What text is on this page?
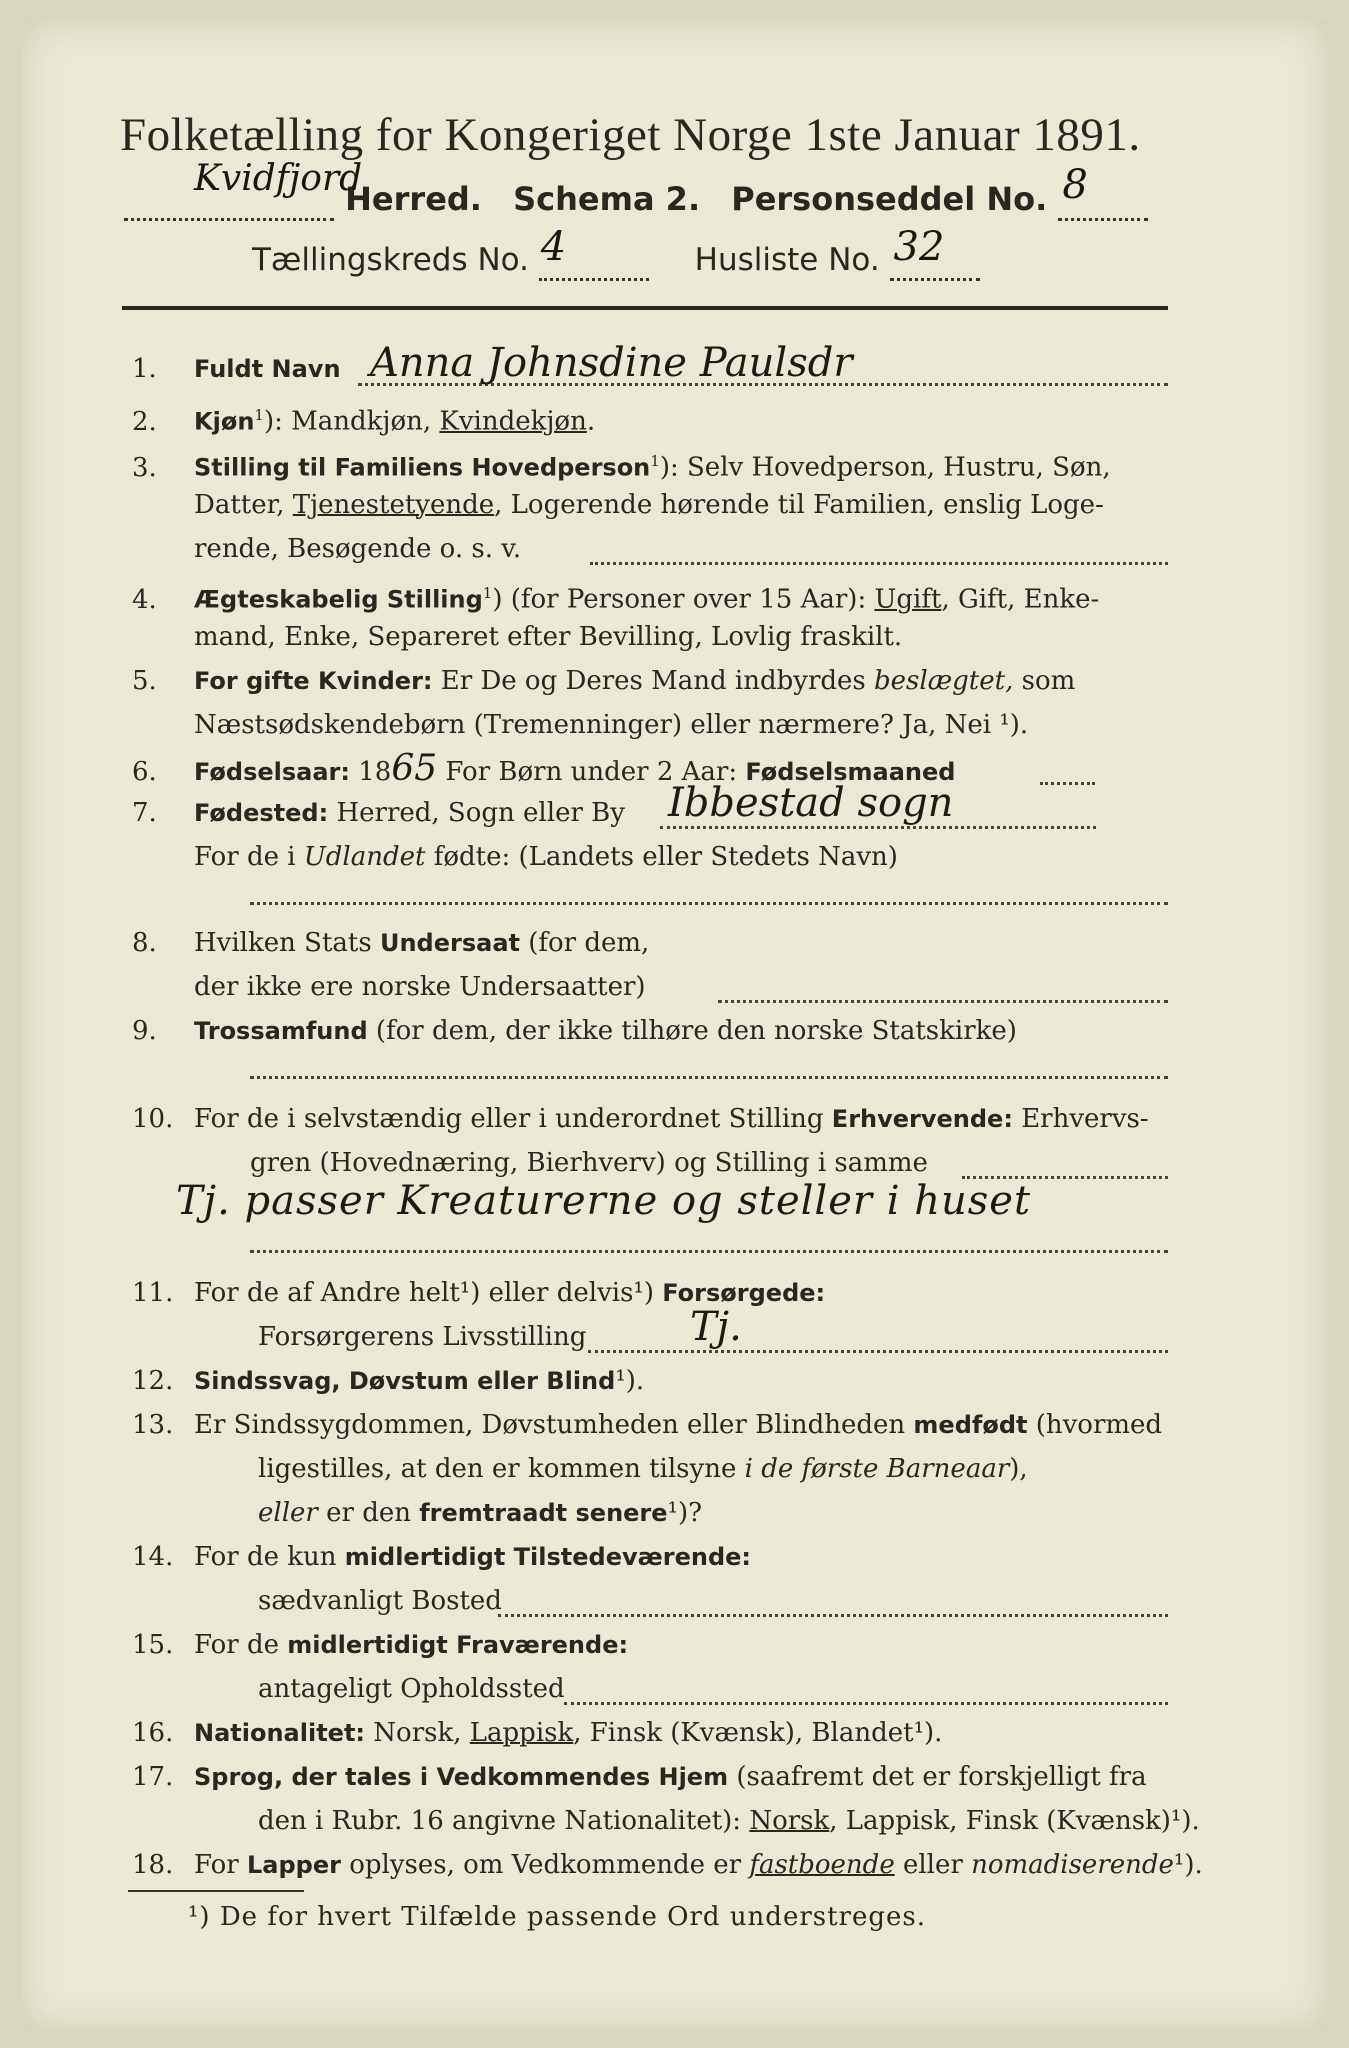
Folketælling for Kongeriget Norge 1ste Januar 1891.
Kvidfjord
Herred. Schema 2. Personseddel No. 8

Tællingskreds No. 4	Husliste No. 32

1. Fuldt Navn Anna Johnsdine Paulsdr
2. Kjøn$^1$): Mandkjøn, Kvindekjøn.
3. Stilling til Familiens Hovedperson$^1$): Selv Hovedperson, Hustru, Søn,
Datter, Tjenestetyende, Logerende hørende til Familien, enslig Loge-
rende, Besøgende o. s. v.
4. Ægteskabelig Stilling$^1$) (for Personer over 15 Aar): Ugift, Gift, Enke-
mand, Enke, Separeret efter Bevilling, Lovlig fraskilt.
5. For gifte Kvinder: Er De og Deres Mand indbyrdes beslægtet, som
Næstsødskendebørn (Tremenninger) eller nærmere? Ja, Nei ¹).
6. Fødselsaar: 1865 For Børn under 2 Aar: Fødselsmaaned
7. Fødested: Herred, Sogn eller By	Ibbestad sogn
For de i Udlandet fødte: (Landets eller Stedets Navn)
8. Hvilken Stats Undersaat (for dem,
der ikke ere norske Undersaatter)
9. Trossamfund (for dem, der ikke tilhøre den norske Statskirke)
10. For de i selvstændig eller i underordnet Stilling Erhvervende: Erhvervs-
gren (Hovednæring, Bierhverv) og Stilling i samme
Tj. passer Kreaturerne og steller i huset
11. For de af Andre helt¹) eller delvis¹) Forsørgede:
Forsørgerens Livsstilling	Tj.
12. Sindssvag, Døvstum eller Blind¹).
13. Er Sindssygdommen, Døvstumheden eller Blindheden medfødt (hvormed
ligestilles, at den er kommen tilsyne i de første Barneaar),
eller er den fremtraadt senere¹)?
14. For de kun midlertidigt Tilstedeværende:
sædvanligt Bosted
15. For de midlertidigt Fraværende:
antageligt Opholdssted
16. Nationalitet: Norsk, Lappisk, Finsk (Kvænsk), Blandet¹).
17. Sprog, der tales i Vedkommendes Hjem (saafremt det er forskjelligt fra
den i Rubr. 16 angivne Nationalitet): Norsk, Lappisk, Finsk (Kvænsk)¹).
18. For Lapper oplyses, om Vedkommende er fastboende eller nomadiserende¹).
¹) De for hvert Tilfælde passende Ord understreges.
